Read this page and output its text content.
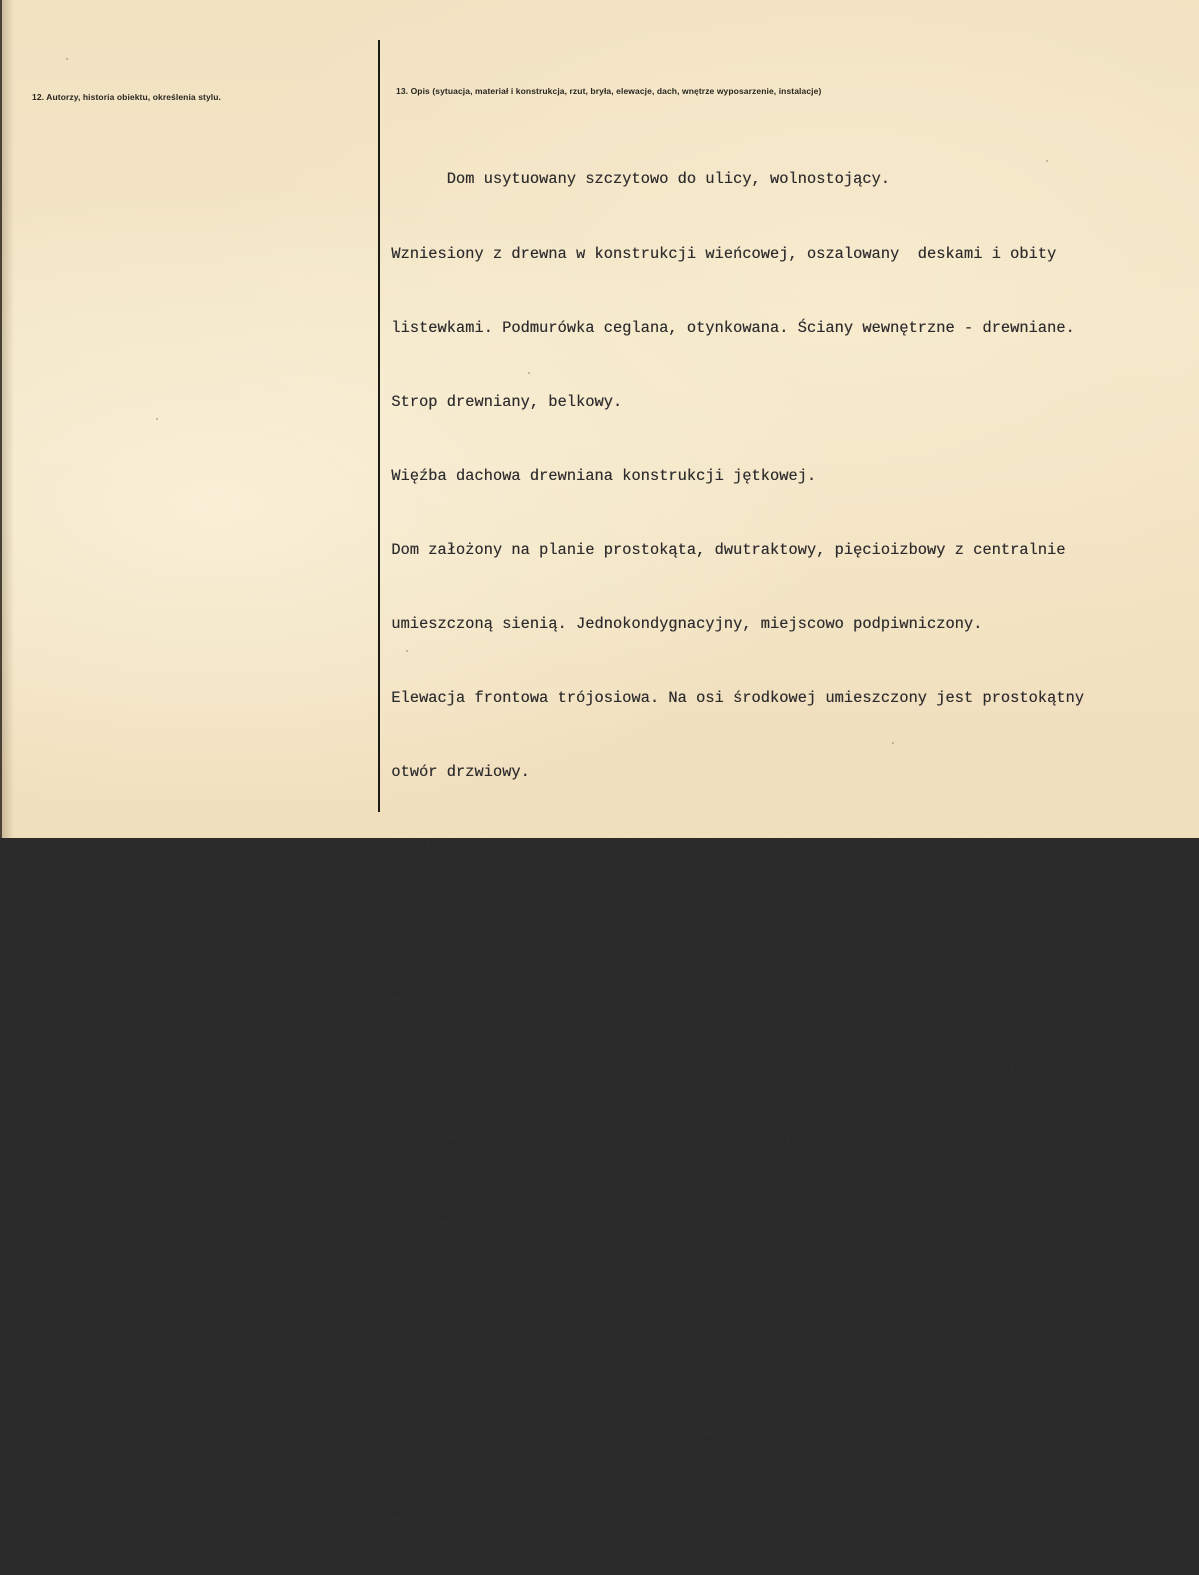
12. Autorzy, historia obiektu, określenia stylu.
13. Opis (sytuacja, materiał i konstrukcja, rzut, bryła, elewacje, dach, wnętrze wyposarzenie, instalacje)

Dom usytuowany szczytowo do ulicy, wolnostojący.

Wzniesiony z drewna w konstrukcji wieńcowej, oszalowany  deskami i obity

listewkami. Podmurówka ceglana, otynkowana. Ściany wewnętrzne - drewniane.

Strop drewniany, belkowy.

Więźba dachowa drewniana konstrukcji jętkowej.

Dom założony na planie prostokąta, dwutraktowy, pięcioizbowy z centralnie

umieszczoną sienią. Jednokondygnacyjny, miejscowo podpiwniczony.

Elewacja frontowa trójosiowa. Na osi środkowej umieszczony jest prostokątny

otwór drzwiowy.

Stolarka płycinowa z naświetlem. Otwory okienne prostokątne. Stolarka

dwudzielna z nadślemieniem.

W poziomie okapu przybita jest ozdobnie wycięta listwa snycerska.

Elewacje boczne dwuosiowe zamknięte trójkątnymi szczytami wertykalnie

oszalowanymi deskami. Stolarka okienna analogiczna do stolarki elewacji

frontowej.

Elewacja tylna jednoosiowa. Na osi środkowej umieszczony jest mały, prosto-

kątny otwór okienny.

Dom przykryty jest dachem dwuspadowym i dachówką holenderką.

Wyposażenie: instalacja elektryczna.
